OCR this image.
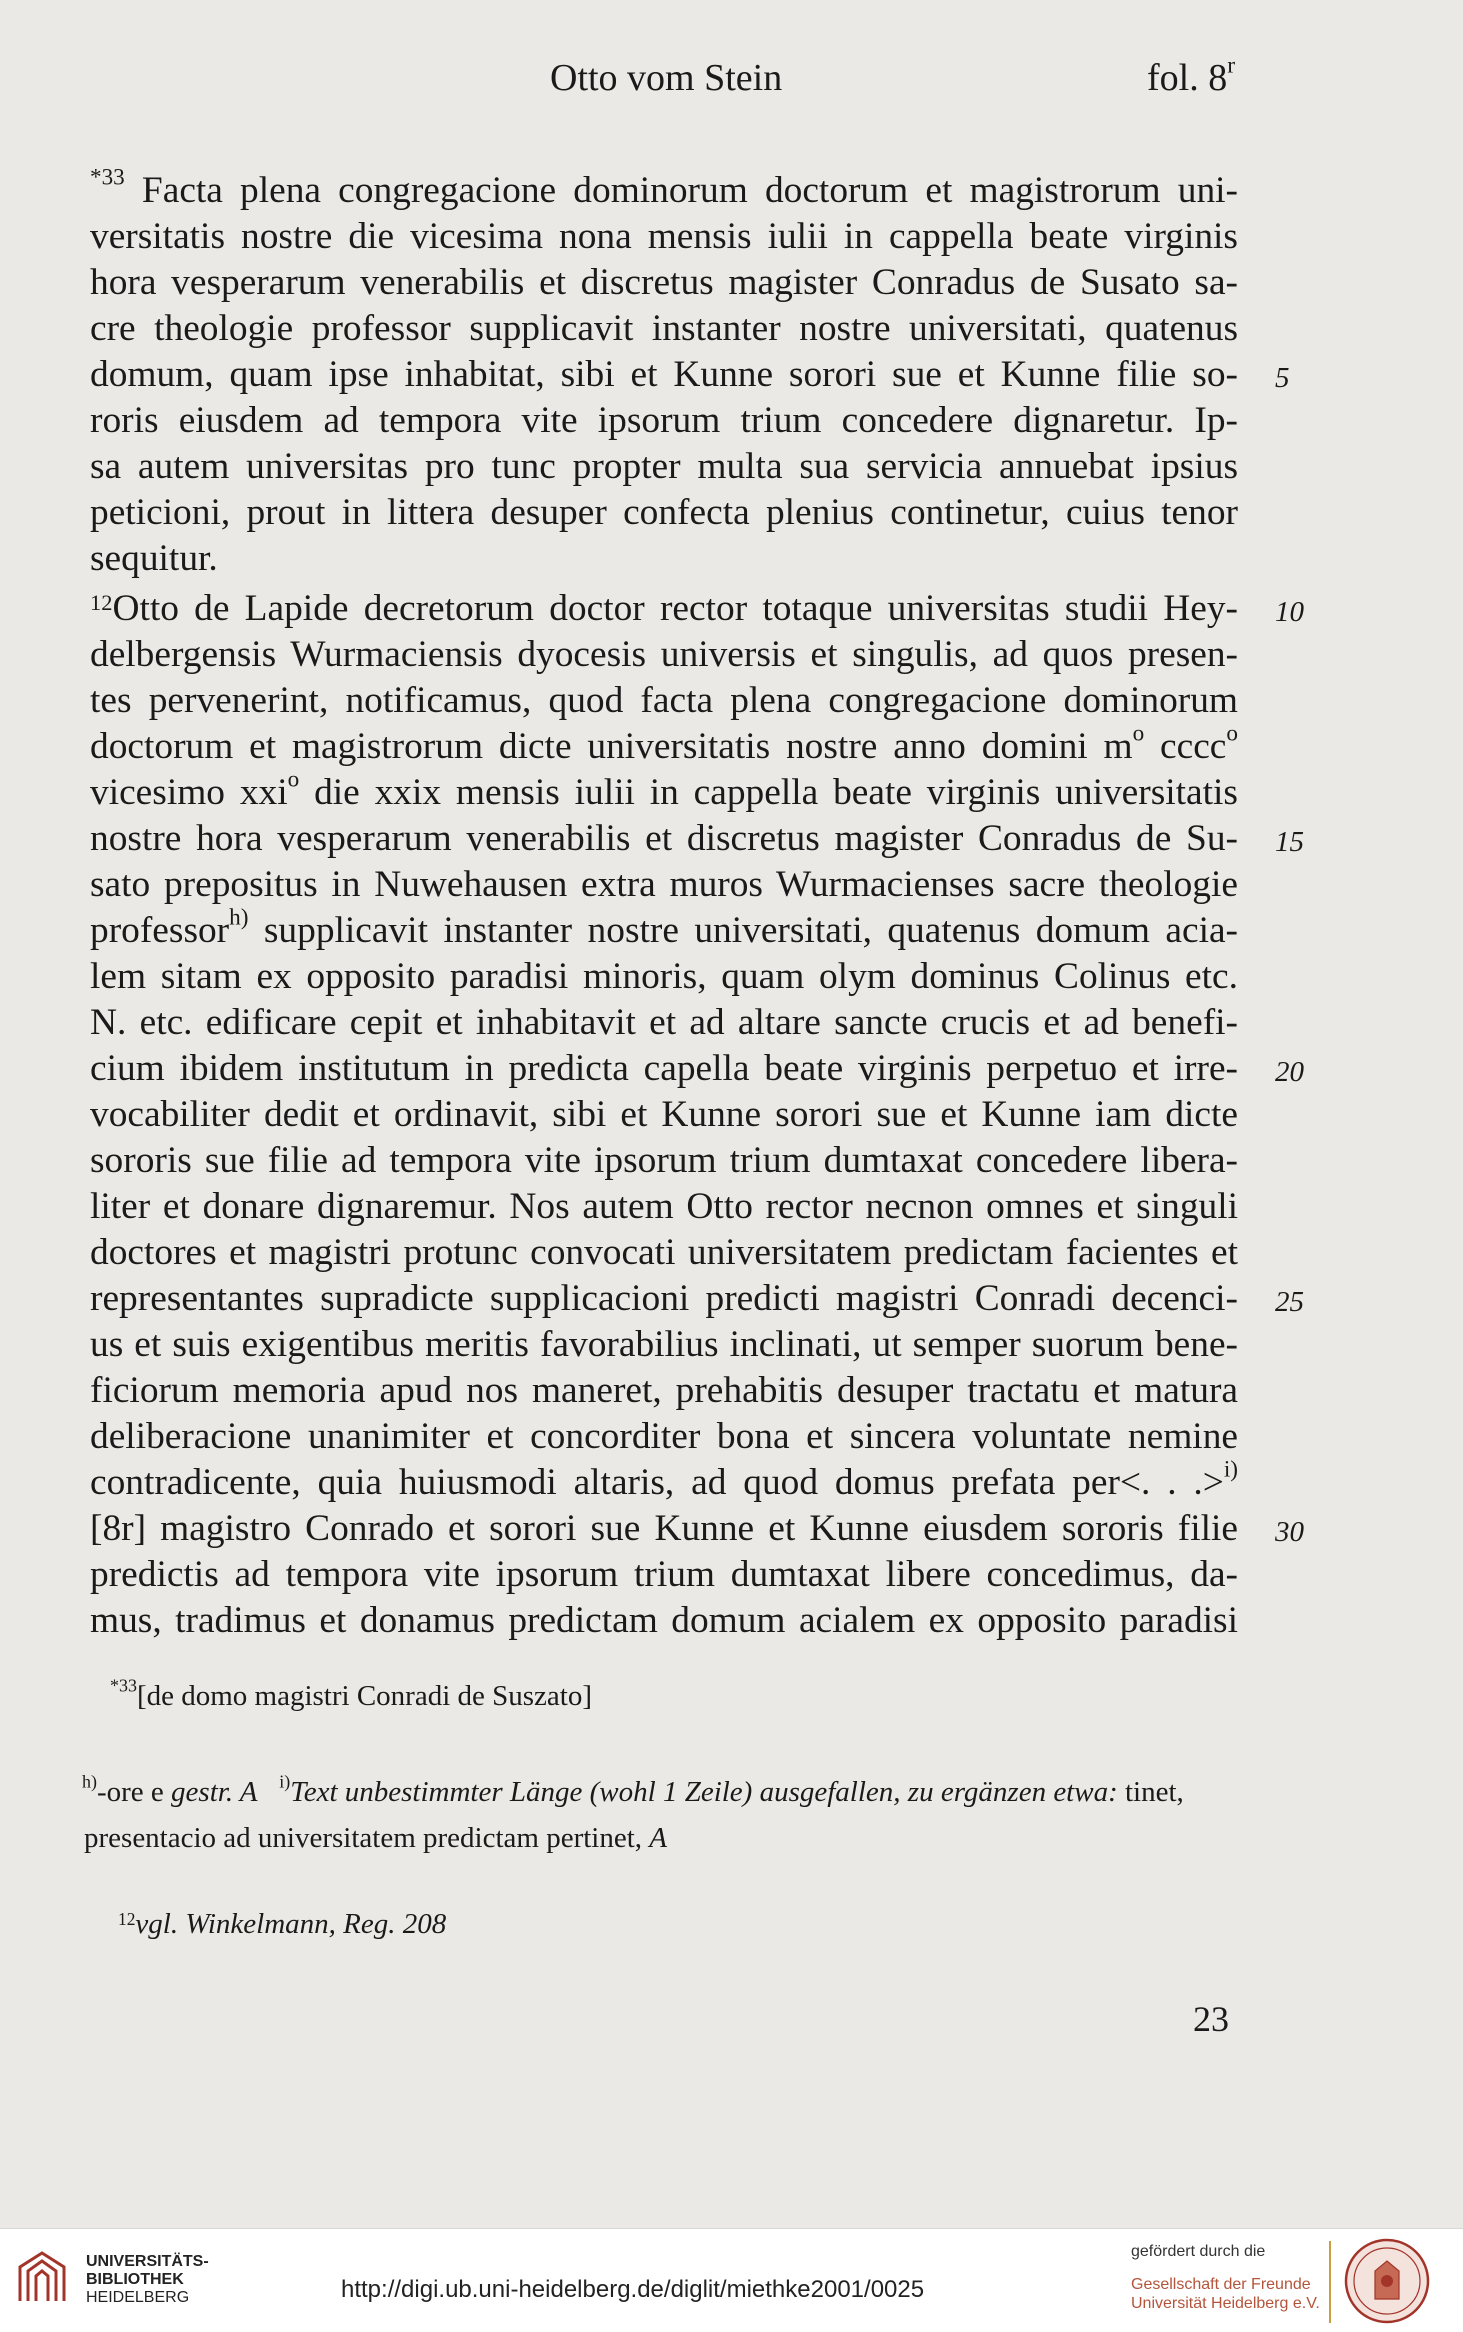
Otto vom Stein	fol. 8$^r$
$^{*33}$ Facta plena congregacione dominorum doctorum et magistrorum uni-
versitatis nostre die vicesima nona mensis iulii in cappella beate virginis
hora vesperarum venerabilis et discretus magister Conradus de Susato sa-
cre theologie professor supplicavit instanter nostre universitati, quatenus
domum, quam ipse inhabitat, sibi et Kunne sorori sue et Kunne filie so-
roris eiusdem ad tempora vite ipsorum trium concedere dignaretur. Ip-
sa autem universitas pro tunc propter multa sua servicia annuebat ipsius
peticioni, prout in littera desuper confecta plenius continetur, cuius tenor
sequitur.
$^{12}$Otto de Lapide decretorum doctor rector totaque universitas studii Hey-
delbergensis Wurmaciensis dyocesis universis et singulis, ad quos presen-
tes pervenerint, notificamus, quod facta plena congregacione dominorum
doctorum et magistrorum dicte universitatis nostre anno domini $m^o$ cccc$^o$
vicesimo xxi$^o$ die xxix mensis iulii in cappella beate virginis universitatis
nostre hora vesperarum venerabilis et discretus magister Conradus de Su-
sato prepositus in Nuwehausen extra muros Wurmacienses sacre theologie
professor$^{h)}$ supplicavit instanter nostre universitati, quatenus domum acia-
lem sitam ex opposito paradisi minoris, quam olym dominus Colinus etc.
N. etc. edificare cepit et inhabitavit et ad altare sancte crucis et ad benefi-
cium ibidem institutum in predicta capella beate virginis perpetuo et irre-
vocabiliter dedit et ordinavit, sibi et Kunne sorori sue et Kunne iam dicte
sororis sue filie ad tempora vite ipsorum trium dumtaxat concedere libera-
liter et donare dignaremur. Nos autem Otto rector necnon omnes et singuli
doctores et magistri protunc convocati universitatem predictam facientes et
representantes supradicte supplicacioni predicti magistri Conradi decenci-
us et suis exigentibus meritis favorabilius inclinati, ut semper suorum bene-
ficiorum memoria apud nos maneret, prehabitis desuper tractatu et matura
deliberacione unanimiter et concorditer bona et sincera voluntate nemine
contradicente, quia huiusmodi altaris, ad quod domus prefata per<. . .>$^{i)}$
[8r] magistro Conrado et sorori sue Kunne et Kunne eiusdem sororis filie
predictis ad tempora vite ipsorum trium dumtaxat libere concedimus, da-
mus, tradimus et donamus predictam domum acialem ex opposito paradisi
5
10
15
20
25
30
$^{*33}$[de domo magistri Conradi de Suszato]
$^{h)}$-ore e gestr. A $^{i)}$Text unbestimmter Länge (wohl 1 Zeile) ausgefallen, zu ergänzen etwa: tinet,
presentacio ad universitatem predictam pertinet, A
$^{12}$vgl. Winkelmann, Reg. 208
23
UNIVERSITÄTS-
BIBLIOTHEK
HEIDELBERG	http://digi.ub.uni-heidelberg.de/diglit/miethke2001/0025
gefördert durch die
Gesellschaft der Freunde
Universität Heidelberg e.V.
